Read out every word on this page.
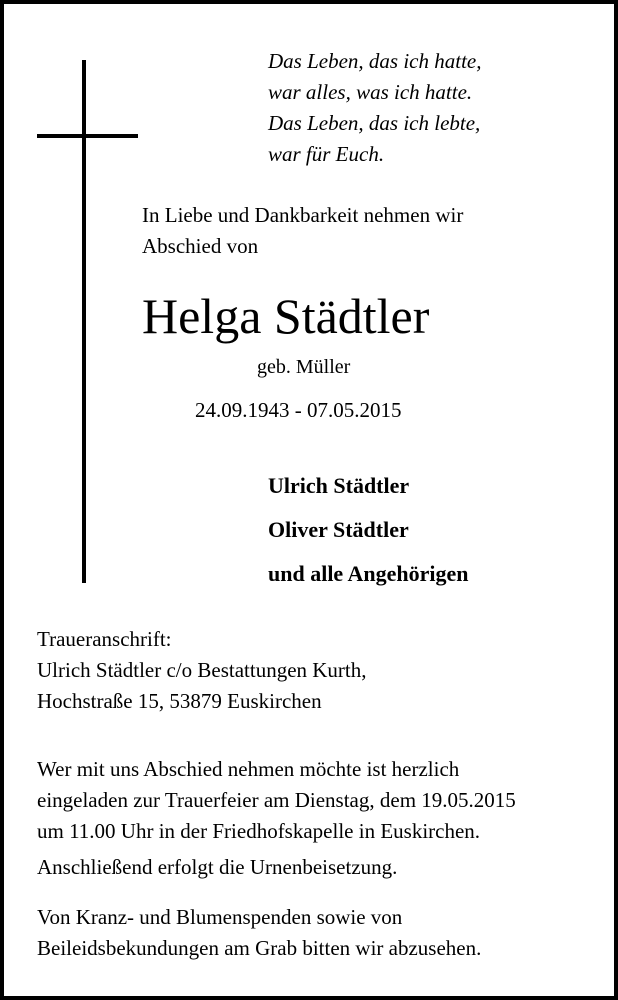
Das Leben, das ich hatte,
war alles, was ich hatte.
Das Leben, das ich lebte,
war für Euch.
In Liebe und Dankbarkeit nehmen wir
Abschied von
Helga Städtler
geb. Müller
24.09.1943 - 07.05.2015
Ulrich Städtler
Oliver Städtler
und alle Angehörigen
Traueranschrift:
Ulrich Städtler c/o Bestattungen Kurth,
Hochstraße 15, 53879 Euskirchen
Wer mit uns Abschied nehmen möchte ist herzlich
eingeladen zur Trauerfeier am Dienstag, dem 19.05.2015
um 11.00 Uhr in der Friedhofskapelle in Euskirchen.
Anschließend erfolgt die Urnenbeisetzung.
Von Kranz- und Blumenspenden sowie von
Beileidsbekundungen am Grab bitten wir abzusehen.
